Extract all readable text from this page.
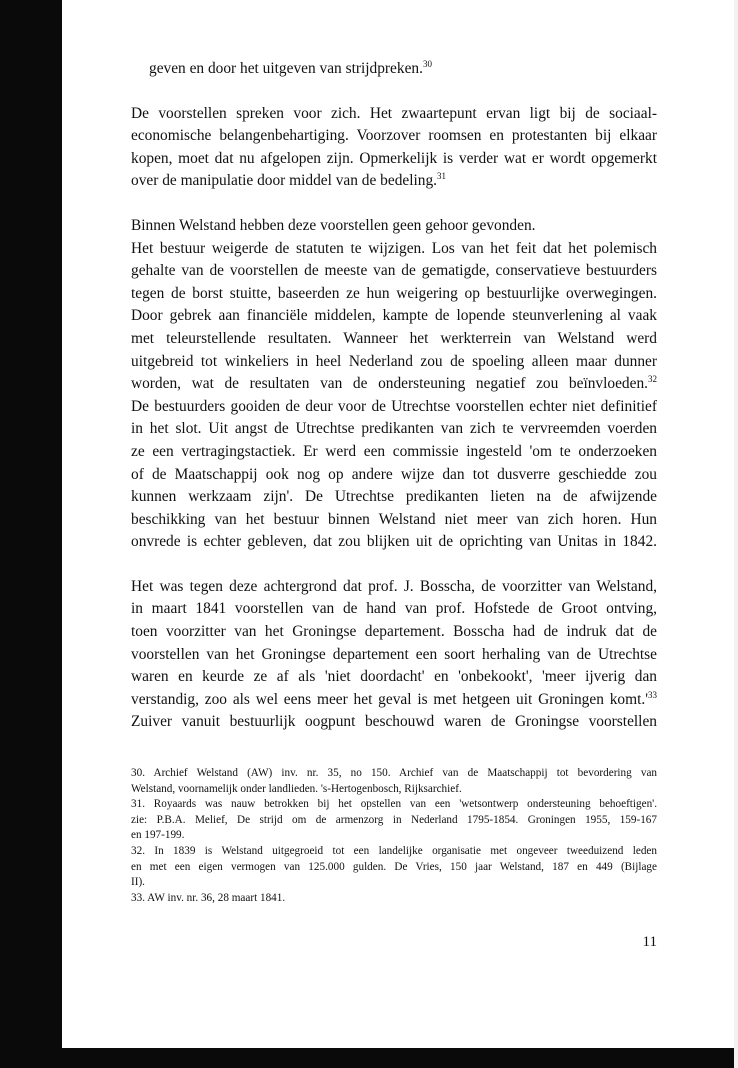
geven en door het uitgeven van strijdpreken.$^{30}$
De voorstellen spreken voor zich. Het zwaartepunt ervan ligt bij de sociaal-
economische belangenbehartiging. Voorzover roomsen en protestanten bij elkaar
kopen, moet dat nu afgelopen zijn. Opmerkelijk is verder wat er wordt opgemerkt
over de manipulatie door middel van de bedeling.$^{31}$
Binnen Welstand hebben deze voorstellen geen gehoor gevonden.
Het bestuur weigerde de statuten te wijzigen. Los van het feit dat het polemisch
gehalte van de voorstellen de meeste van de gematigde, conservatieve bestuurders
tegen de borst stuitte, baseerden ze hun weigering op bestuurlijke overwegingen.
Door gebrek aan financiële middelen, kampte de lopende steunverlening al vaak
met teleurstellende resultaten. Wanneer het werkterrein van Welstand werd
uitgebreid tot winkeliers in heel Nederland zou de spoeling alleen maar dunner
worden, wat de resultaten van de ondersteuning negatief zou beïnvloeden.$^{32}$
De bestuurders gooiden de deur voor de Utrechtse voorstellen echter niet definitief
in het slot. Uit angst de Utrechtse predikanten van zich te vervreemden voerden
ze een vertragingstactiek. Er werd een commissie ingesteld 'om te onderzoeken
of de Maatschappij ook nog op andere wijze dan tot dusverre geschiedde zou
kunnen werkzaam zijn'. De Utrechtse predikanten lieten na de afwijzende
beschikking van het bestuur binnen Welstand niet meer van zich horen. Hun
onvrede is echter gebleven, dat zou blijken uit de oprichting van Unitas in 1842.
Het was tegen deze achtergrond dat prof. J. Bosscha, de voorzitter van Welstand,
in maart 1841 voorstellen van de hand van prof. Hofstede de Groot ontving,
toen voorzitter van het Groningse departement. Bosscha had de indruk dat de
voorstellen van het Groningse departement een soort herhaling van de Utrechtse
waren en keurde ze af als 'niet doordacht' en 'onbekookt', 'meer ijverig dan
verstandig, zoo als wel eens meer het geval is met hetgeen uit Groningen $komt.'^{33}$
Zuiver vanuit bestuurlijk oogpunt beschouwd waren de Groningse voorstellen
30. Archief Welstand (AW) inv. nr. 35, no 150. Archief van de Maatschappij tot bevordering van
Welstand, voornamelijk onder landlieden. 's-Hertogenbosch, Rijksarchief.
31. Royaards was nauw betrokken bij het opstellen van een 'wetsontwerp ondersteuning behoeftigen'.
zie: P.B.A. Melief, De strijd om de armenzorg in Nederland 1795-1854. Groningen 1955, 159-167
en 197-199.
32. In 1839 is Welstand uitgegroeid tot een landelijke organisatie met ongeveer tweeduizend leden
en met een eigen vermogen van 125.000 gulden. De Vries, 150 jaar Welstand, 187 en 449 (Bijlage
II).
33. AW inv. nr. 36, 28 maart 1841.
11
